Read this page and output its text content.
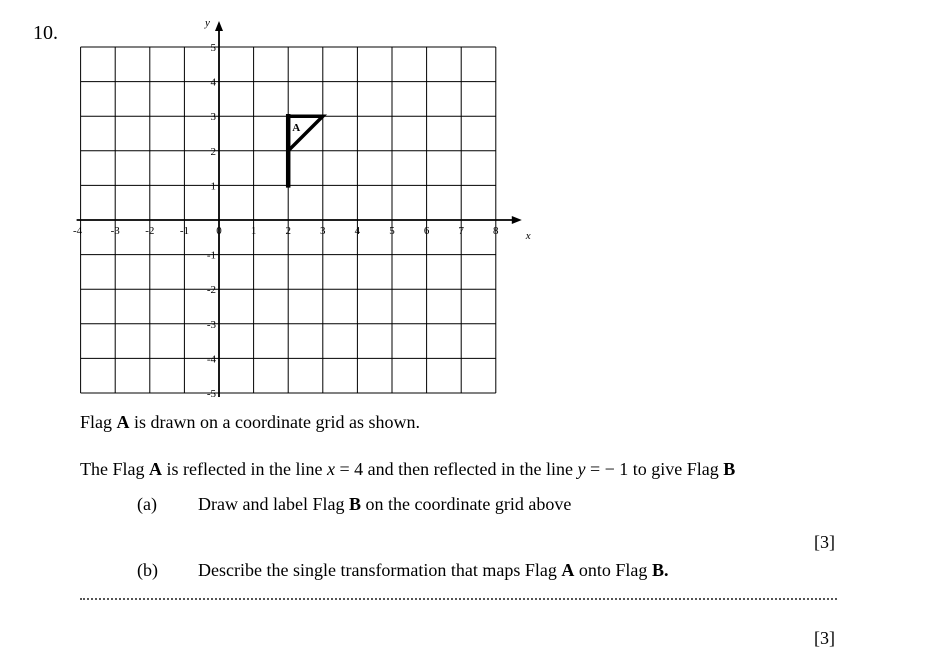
10.
x
y
-4	-3 -2 -1 0	1	2	3	4	5	6	7	8
5
4
3
2
1
-1
-2
-3
-4
-5
A
Flag A is drawn on a coordinate grid as shown.
The Flag A is reflected in the line x = 4 and then reflected in the line y = − 1 to give Flag B
(a) Draw and label Flag B on the coordinate grid above
[3]
(b) Describe the single transformation that maps Flag A onto Flag B.
[3]
